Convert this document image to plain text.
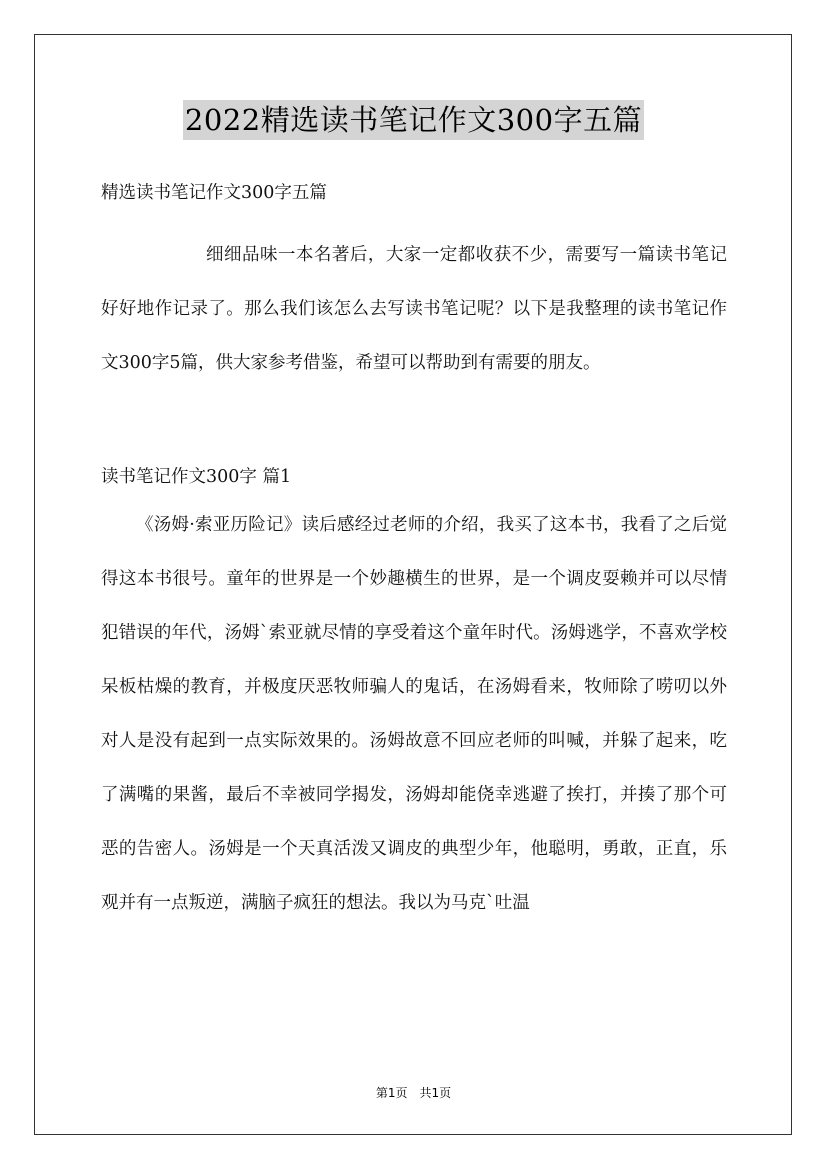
2022精选读书笔记作文300字五篇

精选读书笔记作文300字五篇

细细品味一本名著后，大家一定都收获不少，需要写一篇读书笔记好好地作记录了。那么我们该怎么去写读书笔记呢？以下是我整理的读书笔记作文300字5篇，供大家参考借鉴，希望可以帮助到有需要的朋友。

读书笔记作文300字 篇1

《汤姆·索亚历险记》读后感经过老师的介绍，我买了这本书，我看了之后觉得这本书很号。童年的世界是一个妙趣横生的世界，是一个调皮耍赖并可以尽情犯错误的年代，汤姆`索亚就尽情的享受着这个童年时代。汤姆逃学，不喜欢学校呆板枯燥的教育，并极度厌恶牧师骗人的鬼话，在汤姆看来，牧师除了唠叨以外对人是没有起到一点实际效果的。汤姆故意不回应老师的叫喊，并躲了起来，吃了满嘴的果酱，最后不幸被同学揭发，汤姆却能侥幸逃避了挨打，并揍了那个可恶的告密人。汤姆是一个天真活泼又调皮的典型少年，他聪明，勇敢，正直，乐观并有一点叛逆，满脑子疯狂的想法。我以为马克`吐温

第1页 共1页
